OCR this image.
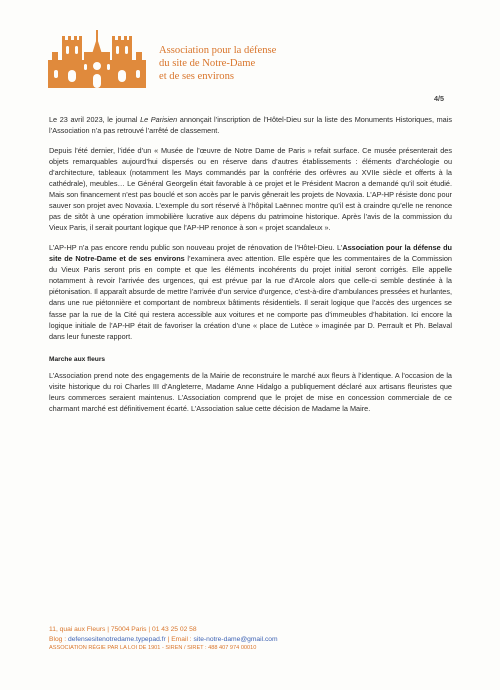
Association pour la défense
du site de Notre-Dame
et de ses environs
4/5

Le 23 avril 2023, le journal Le Parisien annonçait l’inscription de l’Hôtel-Dieu sur la liste des Monuments Historiques, mais l’Association n’a pas retrouvé l’arrêté de classement.

Depuis l’été dernier, l’idée d’un « Musée de l’œuvre de Notre Dame de Paris » refait surface. Ce musée présenterait des objets remarquables aujourd’hui dispersés ou en réserve dans d’autres établissements : éléments d’archéologie ou d’architecture, tableaux (notamment les Mays commandés par la confrérie des orfèvres au XVIIe siècle et offerts à la cathédrale), meubles… Le Général Georgelin était favorable à ce projet et le Président Macron a demandé qu’il soit étudié. Mais son financement n’est pas bouclé et son accès par le parvis gênerait les projets de Novaxia. L’AP-HP résiste donc pour sauver son projet avec Novaxia. L’exemple du sort réservé à l’hôpital Laënnec montre qu’il est à craindre qu’elle ne renonce pas de sitôt à une opération immobilière lucrative aux dépens du patrimoine historique. Après l’avis de la commission du Vieux Paris, il serait pourtant logique que l’AP-HP renonce à son « projet scandaleux ».

L’AP-HP n’a pas encore rendu public son nouveau projet de rénovation de l’Hôtel-Dieu. L’Association pour la défense du site de Notre-Dame et de ses environs l’examinera avec attention. Elle espère que les commentaires de la Commission du Vieux Paris seront pris en compte et que les éléments incohérents du projet initial seront corrigés. Elle appelle notamment à revoir l’arrivée des urgences, qui est prévue par la rue d’Arcole alors que celle-ci semble destinée à la piétonisation. Il apparaît absurde de mettre l’arrivée d’un service d’urgence, c’est-à-dire d’ambulances pressées et hurlantes, dans une rue piétonnière et comportant de nombreux bâtiments résidentiels. Il serait logique que l’accès des urgences se fasse par la rue de la Cité qui restera accessible aux voitures et ne comporte pas d’immeubles d’habitation. Ici encore la logique initiale de l’AP-HP était de favoriser la création d’une « place de Lutèce » imaginée par D. Perrault et Ph. Belaval dans leur funeste rapport.

Marche aux fleurs

L’Association prend note des engagements de la Mairie de reconstruire le marché aux fleurs à l’identique. A l’occasion de la visite historique du roi Charles III d’Angleterre, Madame Anne Hidalgo a publiquement déclaré aux artisans fleuristes que leurs commerces seraient maintenus. L’Association comprend que le projet de mise en concession commerciale de ce charmant marché est définitivement écarté. L’Association salue cette décision de Madame la Maire.

11, quai aux Fleurs | 75004 Paris | 01 43 25 02 58
Blog : defensesitenotredame.typepad.fr | Email : site-notre-dame@gmail.com
ASSOCIATION RÉGIE PAR LA LOI DE 1901 - SIREN / SIRET : 488 407 974 00010
